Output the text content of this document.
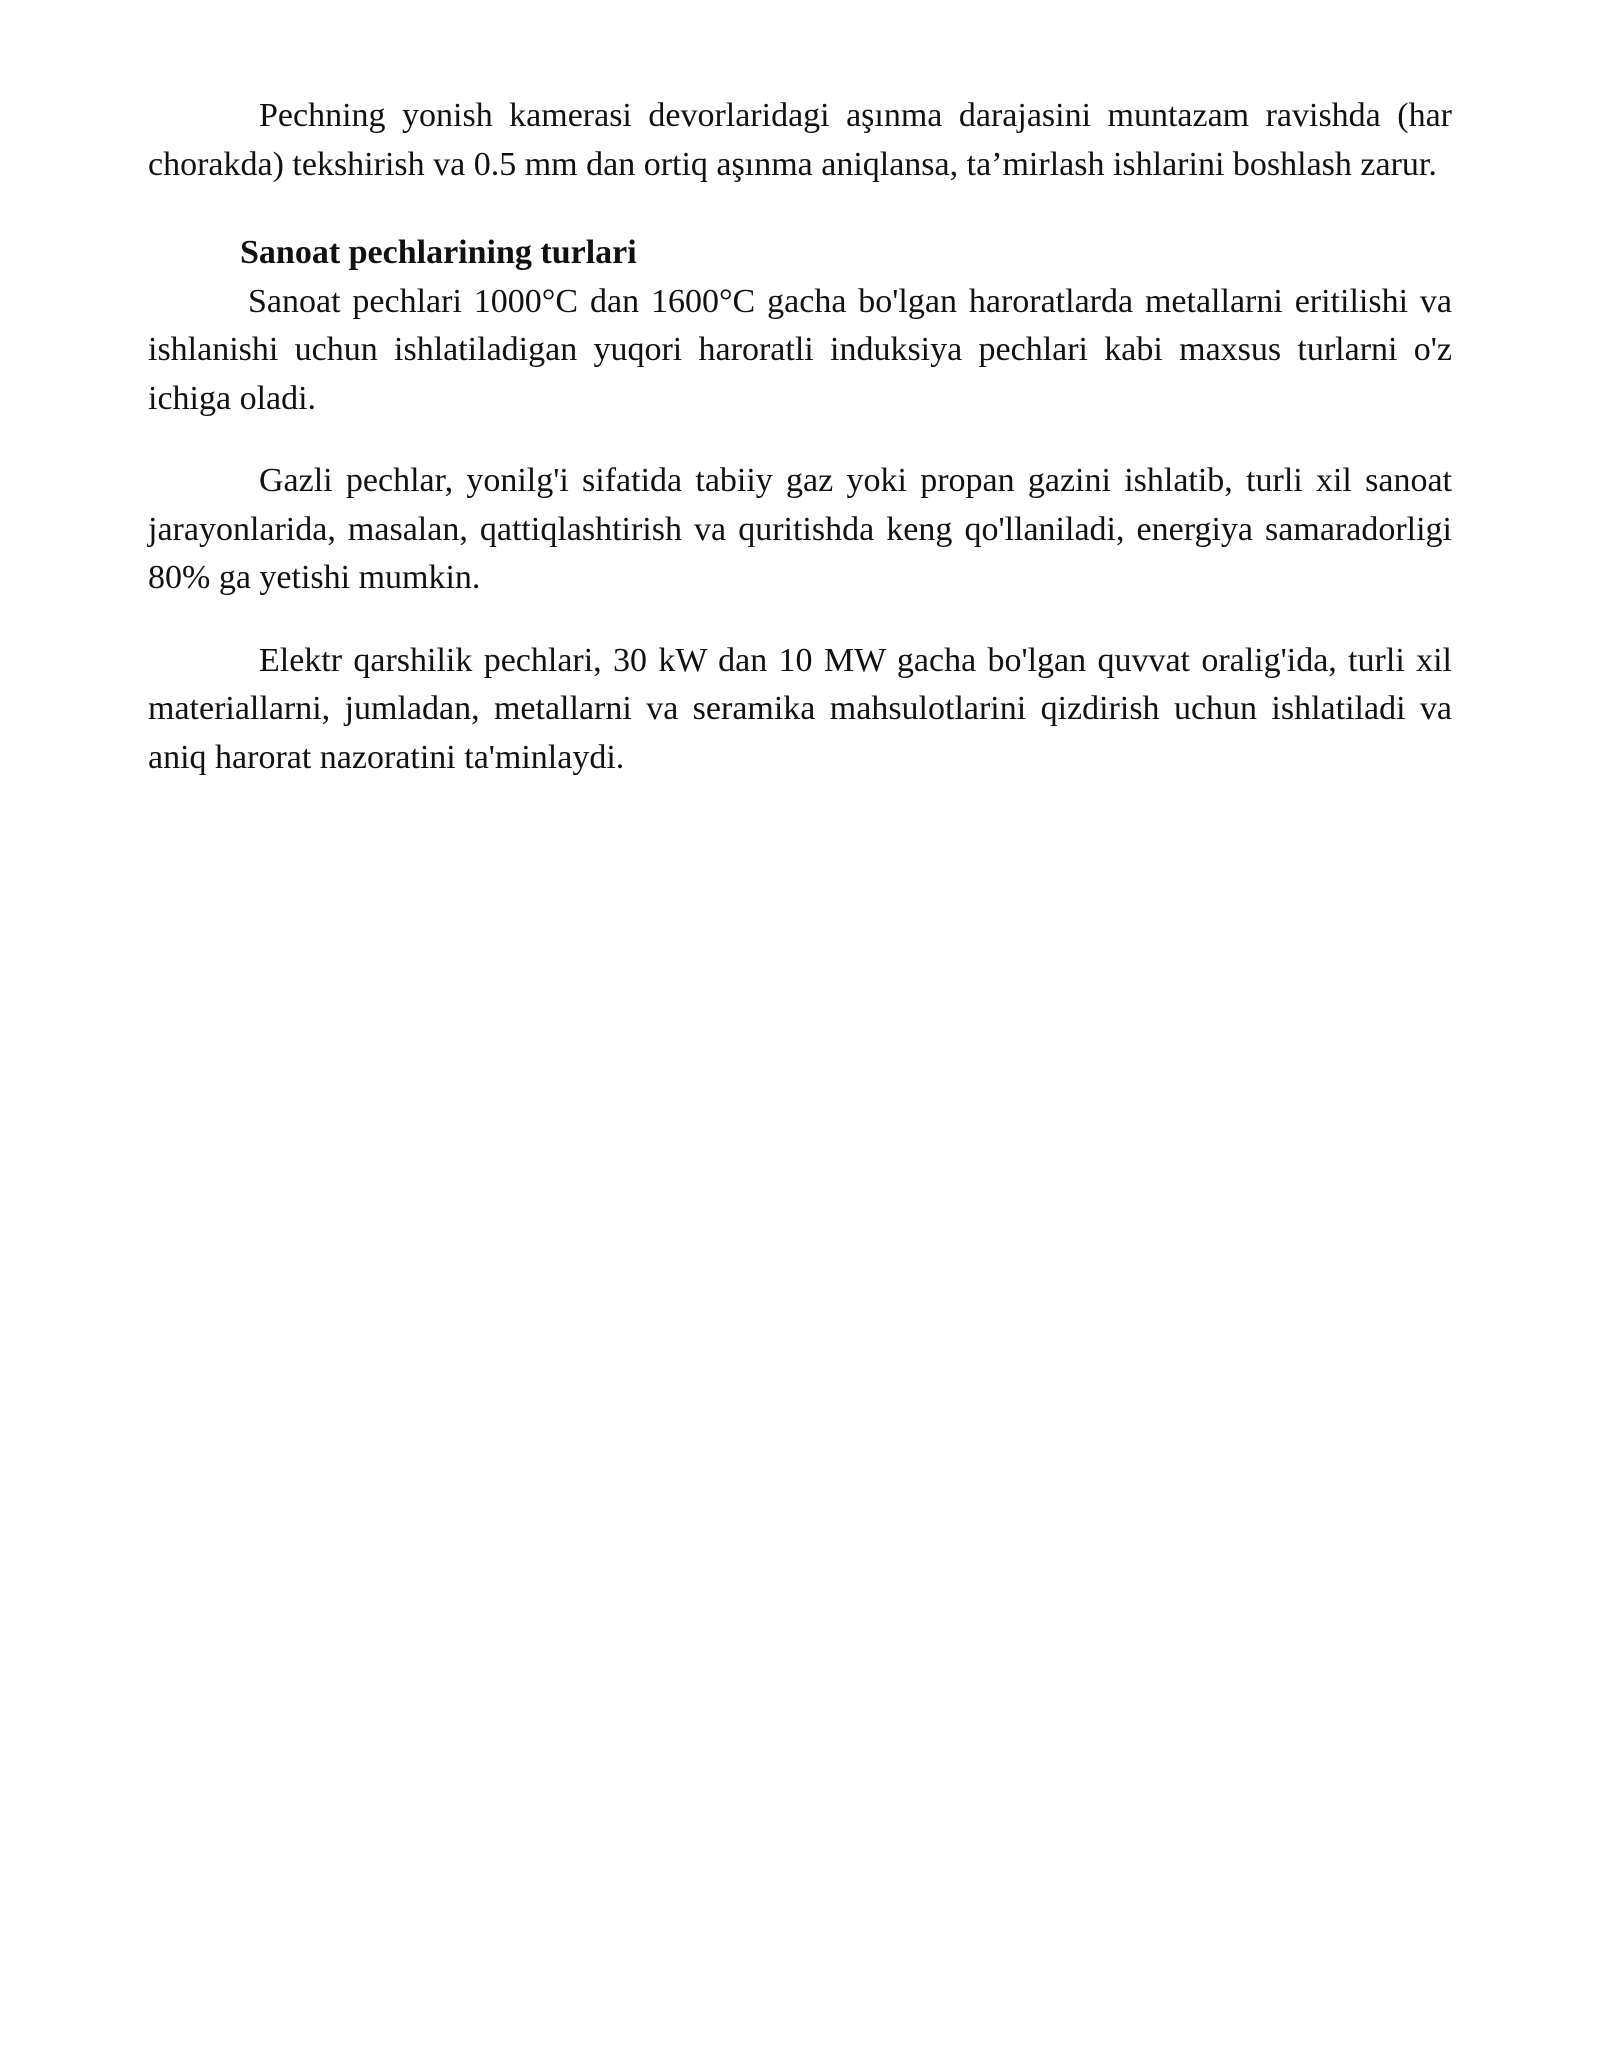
Pechning yonish kamerasi devorlaridagi aşınma darajasini muntazam ravishda (har chorakda) tekshirish va 0.5 mm dan ortiq aşınma aniqlansa, ta’mirlash ishlarini boshlash zarur.

Sanoat pechlarining turlari

Sanoat pechlari 1000°C dan 1600°C gacha bo'lgan haroratlarda metallarni eritilishi va ishlanishi uchun ishlatiladigan yuqori haroratli induksiya pechlari kabi maxsus turlarni o'z ichiga oladi.

Gazli pechlar, yonilg'i sifatida tabiiy gaz yoki propan gazini ishlatib, turli xil sanoat jarayonlarida, masalan, qattiqlashtirish va quritishda keng qo'llaniladi, energiya samaradorligi 80% ga yetishi mumkin.

Elektr qarshilik pechlari, 30 kW dan 10 MW gacha bo'lgan quvvat oralig'ida, turli xil materiallarni, jumladan, metallarni va seramika mahsulotlarini qizdirish uchun ishlatiladi va aniq harorat nazoratini ta'minlaydi.
